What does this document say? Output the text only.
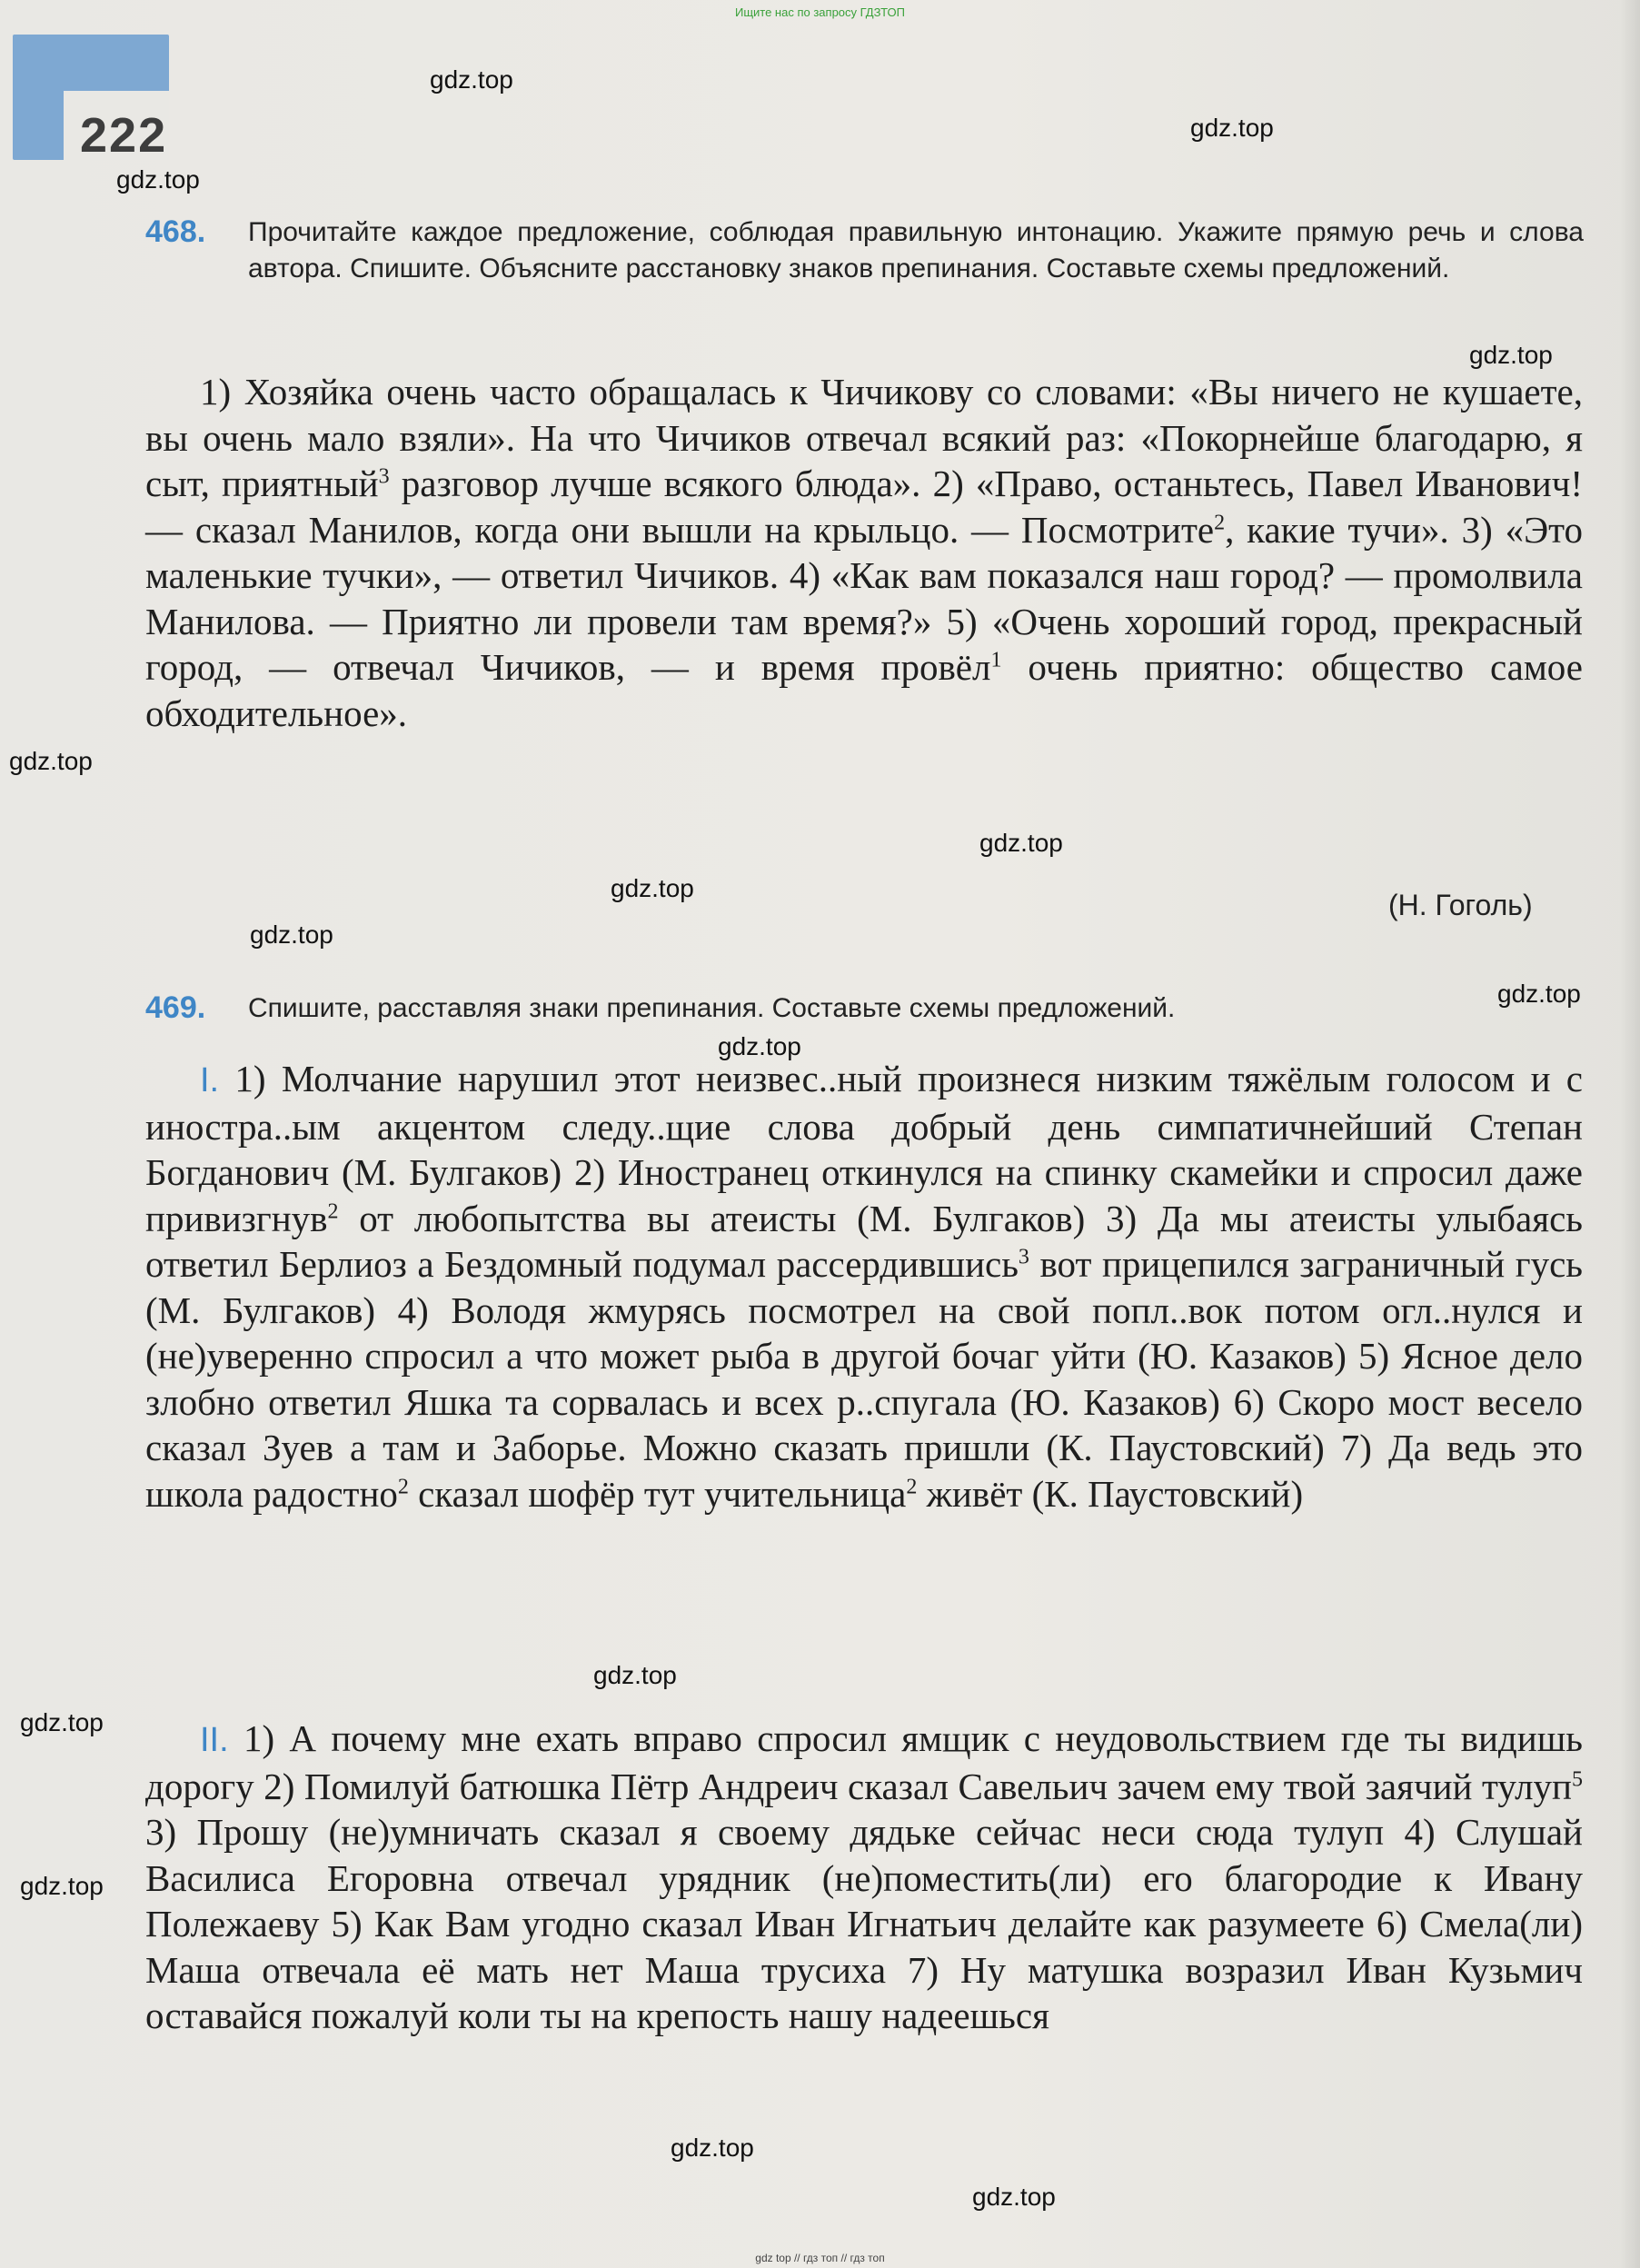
Ищите нас по запросу ГДЗТОП
222
gdz.top
gdz.top
gdz.top
gdz.top
gdz.top
gdz.top
gdz.top
gdz.top
gdz.top
gdz.top
gdz.top
gdz.top
gdz.top
gdz.top
gdz.top
468. Прочитайте каждое предложение, соблюдая правильную интонацию. Укажите прямую речь и слова автора. Спишите. Объясните расстановку знаков препинания. Составьте схемы предложений.

1) Хозяйка очень часто обращалась к Чичикову со словами: «Вы ничего не кушаете, вы очень мало взяли». На что Чичиков отвечал всякий раз: «Покорнейше благодарю, я сыт, приятный$^3$ разговор лучше всякого блюда». 2) «Право, останьтесь, Павел Иванович! — сказал Манилов, когда они вышли на крыльцо. — Посмотрите$^2$, какие тучи». 3) «Это маленькие тучки», — ответил Чичиков. 4) «Как вам показался наш город? — промолвила Манилова. — Приятно ли провели там время?» 5) «Очень хороший город, прекрасный город, — отвечал Чичиков, — и время провёл$^1$ очень приятно: общество самое обходительное».

(Н. Гоголь)
469. Спишите, расставляя знаки препинания. Составьте схемы предложений.

I. 1) Молчание нарушил этот неизвес..ный произнеся низким тяжёлым голосом и с иностра..ым акцентом следу..щие слова добрый день симпатичнейший Степан Богданович (М. Булгаков) 2) Иностранец откинулся на спинку скамейки и спросил даже привизгнув$^2$ от любопытства вы атеисты (М. Булгаков) 3) Да мы атеисты улыбаясь ответил Берлиоз а Бездомный подумал рассердившись$^3$ вот прицепился заграничный гусь (М. Булгаков) 4) Володя жмурясь посмотрел на свой попл..вок потом огл..нулся и (не)уверенно спросил а что может рыба в другой бочаг уйти (Ю. Казаков) 5) Ясное дело злобно ответил Яшка та сорвалась и всех р..спугала (Ю. Казаков) 6) Скоро мост весело сказал Зуев а там и Заборье. Можно сказать пришли (К. Паустовский) 7) Да ведь это школа радостно$^2$ сказал шофёр тут учительница$^2$ живёт (К. Паустовский)

II. 1) А почему мне ехать вправо спросил ямщик с неудовольствием где ты видишь дорогу 2) Помилуй батюшка Пётр Андреич сказал Савельич зачем ему твой заячий тулуп$^5$ 3) Прошу (не)умничать сказал я своему дядьке сейчас неси сюда тулуп 4) Слушай Василиса Егоровна отвечал урядник (не)поместить(ли) его благородие к Ивану Полежаеву 5) Как Вам угодно сказал Иван Игнатьич делайте как разумеете 6) Смела(ли) Маша отвечала её мать нет Маша трусиха 7) Ну матушка возразил Иван Кузьмич оставайся пожалуй коли ты на крепость нашу надеешься

gdz top // гдз топ // гдз топ
